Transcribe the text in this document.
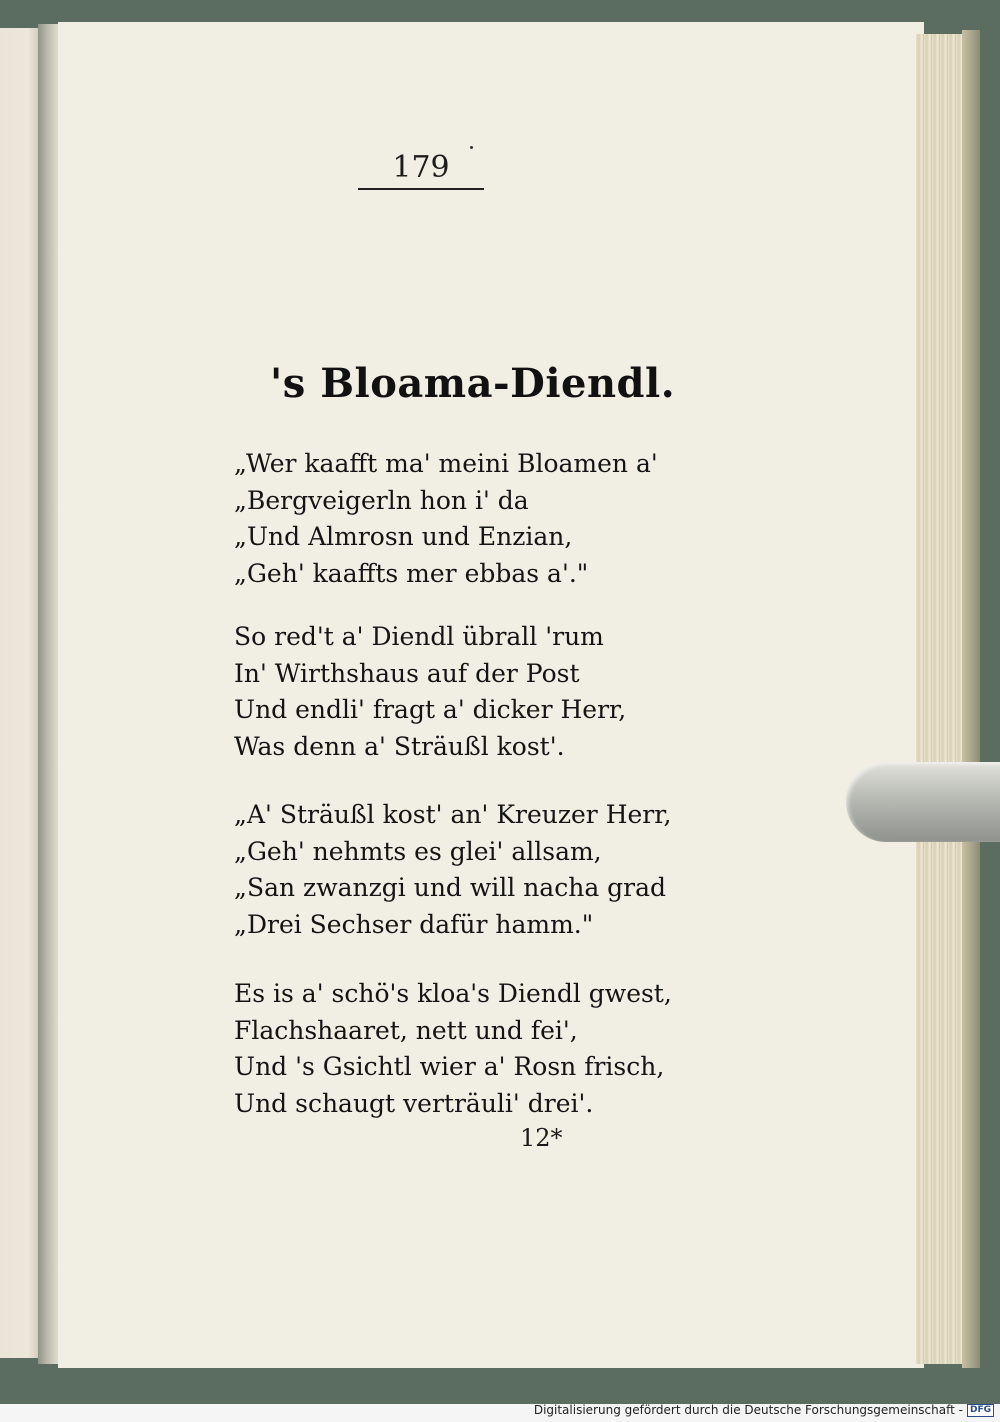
179
's Bloama-Diendl.
„Wer kaafft ma' meini Bloamen a'
„Bergveigerln hon i' da
„Und Almrosn und Enzian,
„Geh' kaaffts mer ebbas a'."
So red't a' Diendl übrall 'rum
In' Wirthshaus auf der Post
Und endli' fragt a' dicker Herr,
Was denn a' Sträußl kost'.
„A' Sträußl kost' an' Kreuzer Herr,
„Geh' nehmts es glei' allsam,
„San zwanzgi und will nacha grad
„Drei Sechser dafür hamm."
Es is a' schö's kloa's Diendl gwest,
Flachshaaret, nett und fei',
Und 's Gsichtl wier a' Rosn frisch,
Und schaugt verträuli' drei'.
12*
Digitalisierung gefördert durch die Deutsche Forschungsgemeinschaft - DFG
